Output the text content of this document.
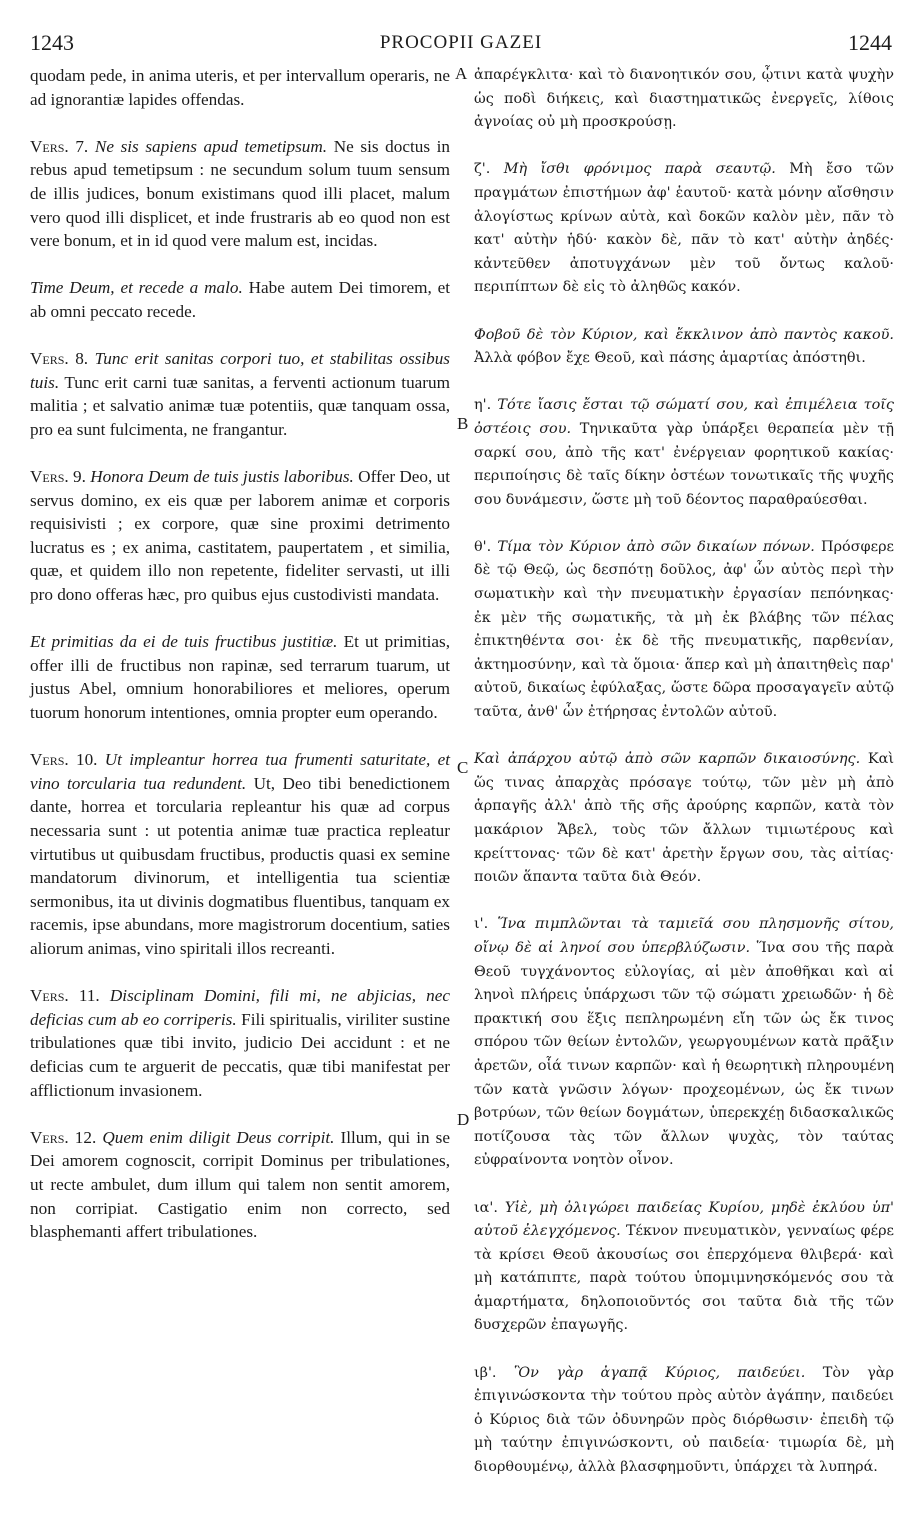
1243	PROCOPII GAZEI	1244
A
B
C
D

quodam pede, in anima uteris, et per intervallum operaris, ne ad ignorantiæ lapides offendas.

Vers. 7. Ne sis sapiens apud temetipsum. Ne sis doctus in rebus apud temetipsum : ne secundum solum tuum sensum de illis judices, bonum existimans quod illi placet, malum vero quod illi displicet, et inde frustraris ab eo quod non est vere bonum, et in id quod vere malum est, incidas.

Time Deum, et recede a malo. Habe autem Dei timorem, et ab omni peccato recede.

Vers. 8. Tunc erit sanitas corpori tuo, et stabilitas ossibus tuis. Tunc erit carni tuæ sanitas, a ferventi actionum tuarum malitia ; et salvatio animæ tuæ potentiis, quæ tanquam ossa, pro ea sunt fulcimenta, ne frangantur.

Vers. 9. Honora Deum de tuis justis laboribus. Offer Deo, ut servus domino, ex eis quæ per laborem animæ et corporis requisivisti ; ex corpore, quæ sine proximi detrimento lucratus es ; ex anima, castitatem, paupertatem , et similia, quæ, et quidem illo non repetente, fideliter servasti, ut illi pro dono offeras hæc, pro quibus ejus custodivisti mandata.

Et primitias da ei de tuis fructibus justitiæ. Et ut primitias, offer illi de fructibus non rapinæ, sed terrarum tuarum, ut justus Abel, omnium honorabiliores et meliores, operum tuorum honorum intentiones, omnia propter eum operando.

Vers. 10. Ut impleantur horrea tua frumenti saturitate, et vino torcularia tua redundent. Ut, Deo tibi benedictionem dante, horrea et torcularia repleantur his quæ ad corpus necessaria sunt : ut potentia animæ tuæ practica repleatur virtutibus ut quibusdam fructibus, productis quasi ex semine mandatorum divinorum, et intelligentia tua scientiæ sermonibus, ita ut divinis dogmatibus fluentibus, tanquam ex racemis, ipse abundans, more magistrorum docentium, saties aliorum animas, vino spiritali illos recreanti.

Vers. 11. Disciplinam Domini, fili mi, ne abjicias, nec deficias cum ab eo corriperis. Fili spiritualis, viriliter sustine tribulationes quæ tibi invito, judicio Dei accidunt : et ne deficias cum te arguerit de peccatis, quæ tibi manifestat per afflictionum invasionem.

Vers. 12. Quem enim diligit Deus corripit. Illum, qui in se Dei amorem cognoscit, corripit Dominus per tribulationes, ut recte ambulet, dum illum qui talem non sentit amorem, non corripiat. Castigatio enim non correcto, sed blasphemanti affert tribulationes.

ἀπαρέγκλιτα· καὶ τὸ διανοητικόν σου, ᾧτινι κατὰ ψυχὴν ὡς ποδὶ διήκεις, καὶ διαστηματικῶς ἐνεργεῖς, λίθοις ἀγνοίας οὐ μὴ προσκρούσῃ.

ζ'. Μὴ ἴσθι φρόνιμος παρὰ σεαυτῷ. Μὴ ἔσο τῶν πραγμάτων ἐπιστήμων ἀφ' ἑαυτοῦ· κατὰ μόνην αἴσθησιν ἀλογίστως κρίνων αὐτὰ, καὶ δοκῶν καλὸν μὲν, πᾶν τὸ κατ' αὐτὴν ἡδύ· κακὸν δὲ, πᾶν τὸ κατ' αὐτὴν ἀηδές· κἀντεῦθεν ἀποτυγχάνων μὲν τοῦ ὄντως καλοῦ· περιπίπτων δὲ εἰς τὸ ἀληθῶς κακόν.

Φοβοῦ δὲ τὸν Κύριον, καὶ ἔκκλινον ἀπὸ παντὸς κακοῦ. Ἀλλὰ φόβον ἔχε Θεοῦ, καὶ πάσης ἁμαρτίας ἀπόστηθι.

η'. Τότε ἴασις ἔσται τῷ σώματί σου, καὶ ἐπιμέλεια τοῖς ὀστέοις σου. Τηνικαῦτα γὰρ ὑπάρξει θεραπεία μὲν τῇ σαρκί σου, ἀπὸ τῆς κατ' ἐνέργειαν φορητικοῦ κακίας· περιποίησις δὲ ταῖς δίκην ὀστέων τονωτικαῖς τῆς ψυχῆς σου δυνάμεσιν, ὥστε μὴ τοῦ δέοντος παραθραύεσθαι.

θ'. Τίμα τὸν Κύριον ἀπὸ σῶν δικαίων πόνων. Πρόσφερε δὲ τῷ Θεῷ, ὡς δεσπότῃ δοῦλος, ἀφ' ὧν αὐτὸς περὶ τὴν σωματικὴν καὶ τὴν πνευματικὴν ἐργασίαν πεπόνηκας· ἐκ μὲν τῆς σωματικῆς, τὰ μὴ ἐκ βλάβης τῶν πέλας ἐπικτηθέντα σοι· ἐκ δὲ τῆς πνευματικῆς, παρθενίαν, ἀκτημοσύνην, καὶ τὰ ὅμοια· ἅπερ καὶ μὴ ἀπαιτηθεὶς παρ' αὐτοῦ, δικαίως ἐφύλαξας, ὥστε δῶρα προσαγαγεῖν αὐτῷ ταῦτα, ἀνθ' ὧν ἐτήρησας ἐντολῶν αὐτοῦ.

Καὶ ἀπάρχου αὐτῷ ἀπὸ σῶν καρπῶν δικαιοσύνης. Καὶ ὥς τινας ἀπαρχὰς πρόσαγε τούτῳ, τῶν μὲν μὴ ἀπὸ ἁρπαγῆς ἀλλ' ἀπὸ τῆς σῆς ἀρούρης καρπῶν, κατὰ τὸν μακάριον Ἄβελ, τοὺς τῶν ἄλλων τιμιωτέρους καὶ κρείττονας· τῶν δὲ κατ' ἀρετὴν ἔργων σου, τὰς αἰτίας· ποιῶν ἅπαντα ταῦτα διὰ Θεόν.

ι'. Ἵνα πιμπλῶνται τὰ ταμιεῖά σου πλησμονῆς σίτου, οἴνῳ δὲ αἱ ληνοί σου ὑπερβλύζωσιν. Ἵνα σου τῆς παρὰ Θεοῦ τυγχάνοντος εὐλογίας, αἱ μὲν ἀποθῆκαι καὶ αἱ ληνοὶ πλήρεις ὑπάρχωσι τῶν τῷ σώματι χρειωδῶν· ἡ δὲ πρακτική σου ἕξις πεπληρωμένη εἴη τῶν ὡς ἔκ τινος σπόρου τῶν θείων ἐντολῶν, γεωργουμένων κατὰ πρᾶξιν ἀρετῶν, οἷά τινων καρπῶν· καὶ ἡ θεωρητικὴ πληρουμένη τῶν κατὰ γνῶσιν λόγων· προχεομένων, ὡς ἔκ τινων βοτρύων, τῶν θείων δογμάτων, ὑπερεκχέῃ διδασκαλικῶς ποτίζουσα τὰς τῶν ἄλλων ψυχὰς, τὸν ταύτας εὐφραίνοντα νοητὸν οἶνον.

ια'. Υἱὲ, μὴ ὀλιγώρει παιδείας Κυρίου, μηδὲ ἐκλύου ὑπ' αὐτοῦ ἐλεγχόμενος. Τέκνον πνευματικὸν, γενναίως φέρε τὰ κρίσει Θεοῦ ἀκουσίως σοι ἐπερχόμενα θλιβερά· καὶ μὴ κατάπιπτε, παρὰ τούτου ὑπομιμνησκόμενός σου τὰ ἁμαρτήματα, δηλοποιοῦντός σοι ταῦτα διὰ τῆς τῶν δυσχερῶν ἐπαγωγῆς.

ιβ'. Ὃν γὰρ ἀγαπᾷ Κύριος, παιδεύει. Τὸν γὰρ ἐπιγινώσκοντα τὴν τούτου πρὸς αὐτὸν ἀγάπην, παιδεύει ὁ Κύριος διὰ τῶν ὀδυνηρῶν πρὸς διόρθωσιν· ἐπειδὴ τῷ μὴ ταύτην ἐπιγινώσκοντι, οὐ παιδεία· τιμωρία δὲ, μὴ διορθουμένῳ, ἀλλὰ βλασφημοῦντι, ὑπάρχει τὰ λυπηρά.
